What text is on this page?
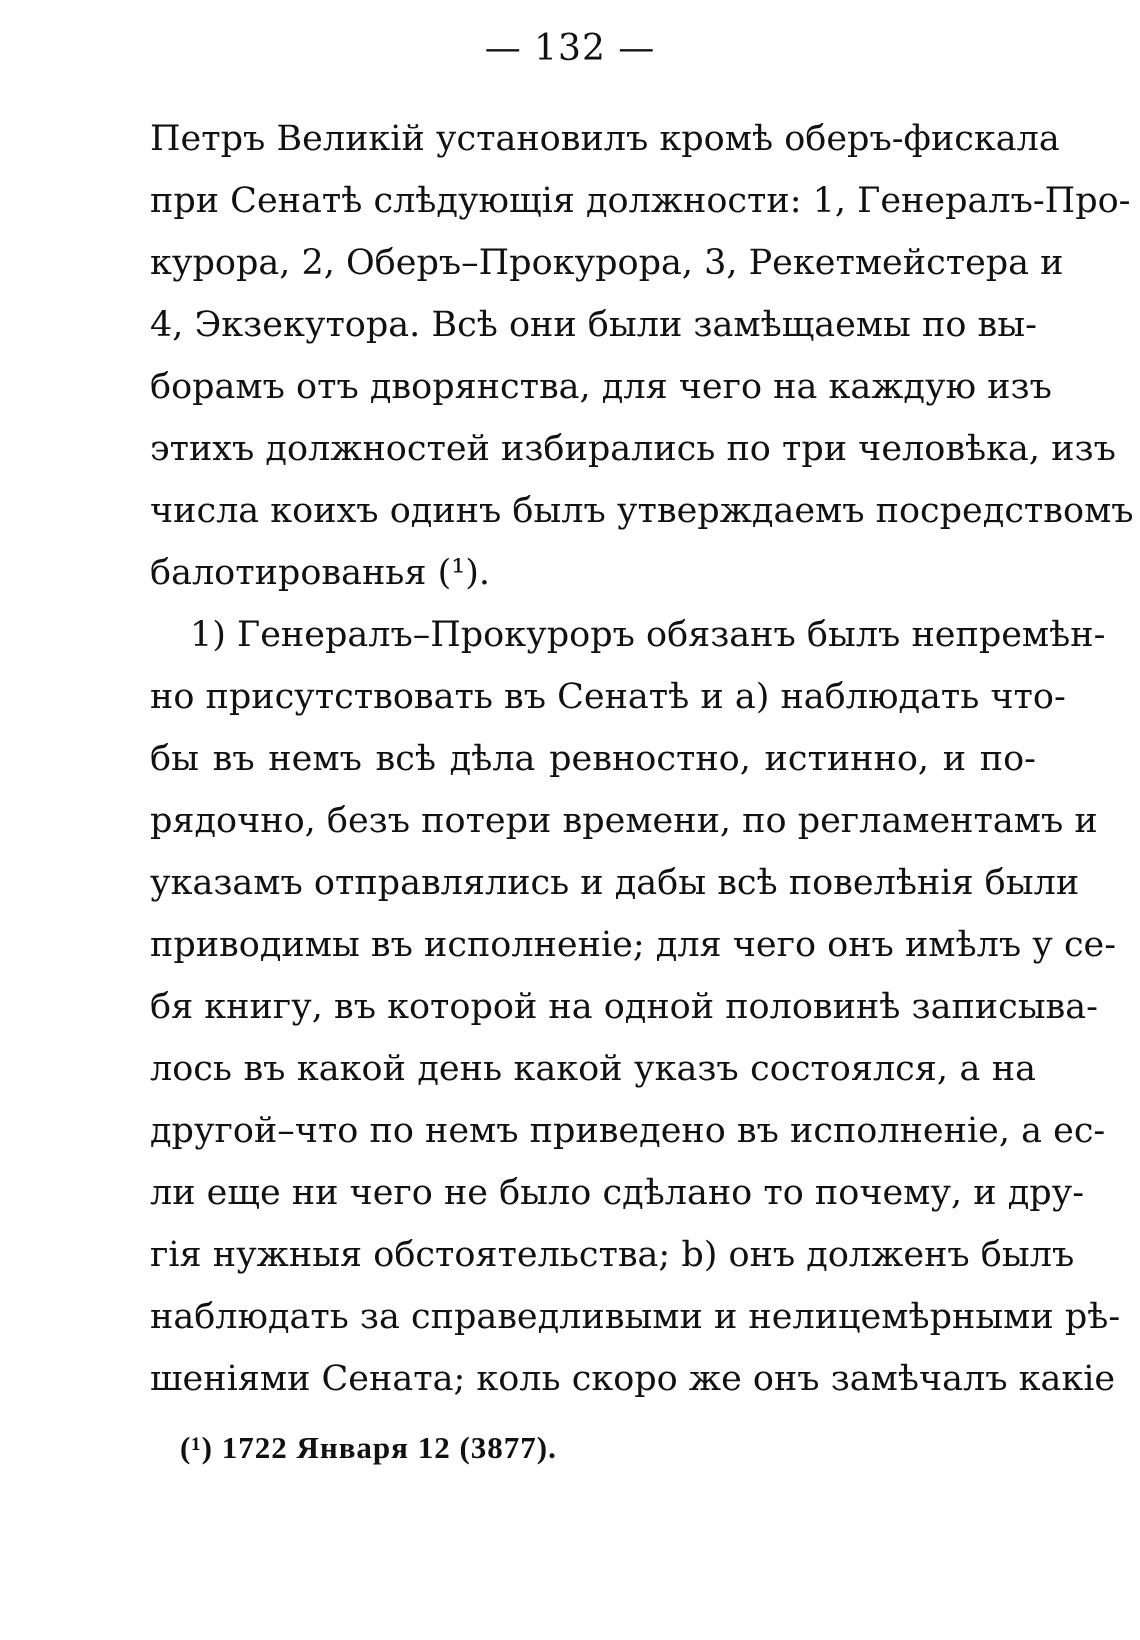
— 132 —
Петръ Великій установилъ кромѣ оберъ-фискала
при Сенатѣ слѣдующія должности: 1, Генералъ-Про-
курора, 2, Оберъ–Прокурора, 3, Рекетмейстера и
4, Экзекутора. Всѣ они были замѣщаемы по вы-
борамъ отъ дворянства, для чего на каждую изъ
этихъ должностей избирались по три человѣка, изъ
числа коихъ одинъ былъ утверждаемъ посредствомъ
балотированья (¹).
1) Генералъ–Прокуроръ обязанъ былъ непремѣн-
но присутствовать въ Сенатѣ и а) наблюдать что-
бы въ немъ всѣ дѣла ревностно, истинно, и по-
рядочно, безъ потери времени, по регламентамъ и
указамъ отправлялись и дабы всѣ повелѣнія были
приводимы въ исполненіе; для чего онъ имѣлъ у се-
бя книгу, въ которой на одной половинѣ записыва-
лось въ какой день какой указъ состоялся, а на
другой–что по немъ приведено въ исполненіе, а ес-
ли еще ни чего не было сдѣлано то почему, и дру-
гія нужныя обстоятельства; b) онъ долженъ былъ
наблюдать за справедливыми и нелицемѣрными рѣ-
шеніями Сената; коль скоро же онъ замѣчалъ какіе
(¹) 1722 Января 12 (3877).
